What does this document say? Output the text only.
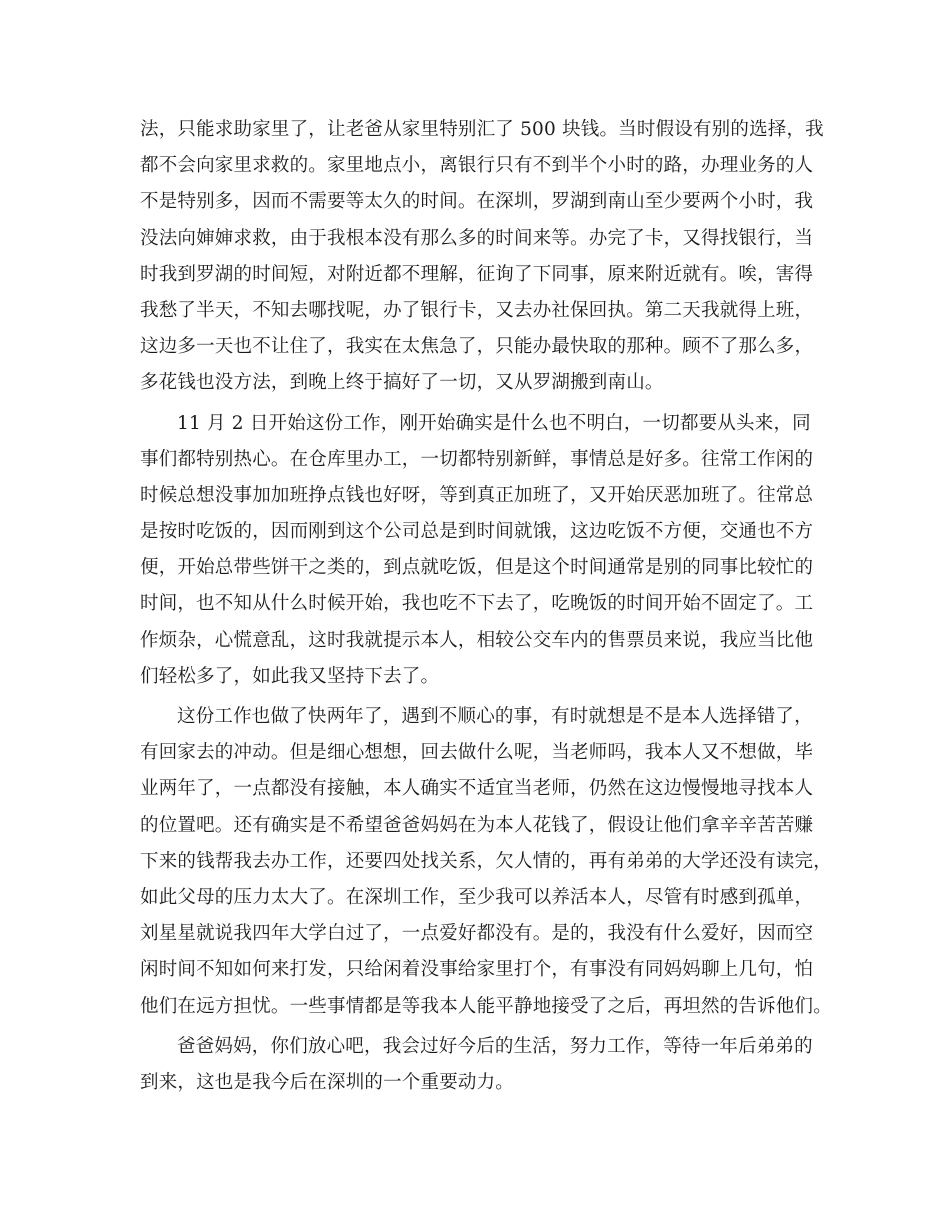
法，只能求助家里了，让老爸从家里特别汇了 500 块钱。当时假设有别的选择，我
都不会向家里求救的。家里地点小，离银行只有不到半个小时的路，办理业务的人
不是特别多，因而不需要等太久的时间。在深圳，罗湖到南山至少要两个小时，我
没法向婶婶求救，由于我根本没有那么多的时间来等。办完了卡，又得找银行，当
时我到罗湖的时间短，对附近都不理解，征询了下同事，原来附近就有。唉，害得
我愁了半天，不知去哪找呢，办了银行卡，又去办社保回执。第二天我就得上班，
这边多一天也不让住了，我实在太焦急了，只能办最快取的那种。顾不了那么多，
多花钱也没方法，到晚上终于搞好了一切，又从罗湖搬到南山。
11 月 2 日开始这份工作，刚开始确实是什么也不明白，一切都要从头来，同
事们都特别热心。在仓库里办工，一切都特别新鲜，事情总是好多。往常工作闲的
时候总想没事加加班挣点钱也好呀，等到真正加班了，又开始厌恶加班了。往常总
是按时吃饭的，因而刚到这个公司总是到时间就饿，这边吃饭不方便，交通也不方
便，开始总带些饼干之类的，到点就吃饭，但是这个时间通常是别的同事比较忙的
时间，也不知从什么时候开始，我也吃不下去了，吃晚饭的时间开始不固定了。工
作烦杂，心慌意乱，这时我就提示本人，相较公交车内的售票员来说，我应当比他
们轻松多了，如此我又坚持下去了。
这份工作也做了快两年了，遇到不顺心的事，有时就想是不是本人选择错了，
有回家去的冲动。但是细心想想，回去做什么呢，当老师吗，我本人又不想做，毕
业两年了，一点都没有接触，本人确实不适宜当老师，仍然在这边慢慢地寻找本人
的位置吧。还有确实是不希望爸爸妈妈在为本人花钱了，假设让他们拿辛辛苦苦赚
下来的钱帮我去办工作，还要四处找关系，欠人情的，再有弟弟的大学还没有读完，
如此父母的压力太大了。在深圳工作，至少我可以养活本人，尽管有时感到孤单，
刘星星就说我四年大学白过了，一点爱好都没有。是的，我没有什么爱好，因而空
闲时间不知如何来打发，只给闲着没事给家里打个，有事没有同妈妈聊上几句，怕
他们在远方担忧。一些事情都是等我本人能平静地接受了之后，再坦然的告诉他们。
爸爸妈妈，你们放心吧，我会过好今后的生活，努力工作，等待一年后弟弟的
到来，这也是我今后在深圳的一个重要动力。
